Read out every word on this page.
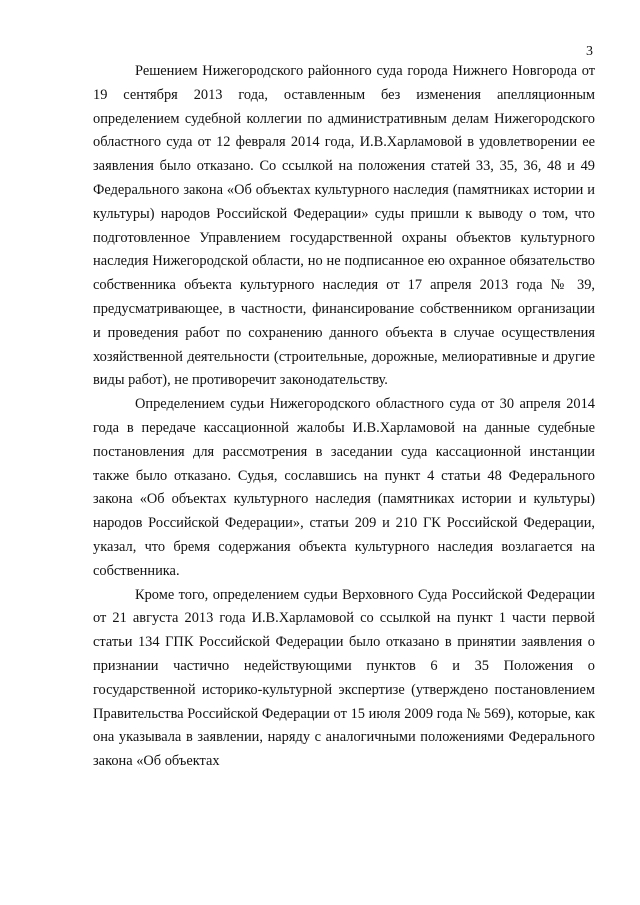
3

Решением Нижегородского районного суда города Нижнего Новгорода от 19 сентября 2013 года, оставленным без изменения апелляционным определением судебной коллегии по административным делам Нижегородского областного суда от 12 февраля 2014 года, И.В.Харламовой в удовлетворении ее заявления было отказано. Со ссылкой на положения статей 33, 35, 36, 48 и 49 Федерального закона «Об объектах культурного наследия (памятниках истории и культуры) народов Российской Федерации» суды пришли к выводу о том, что подготовленное Управлением государственной охраны объектов культурного наследия Нижегородской области, но не подписанное ею охранное обязательство собственника объекта культурного наследия от 17 апреля 2013 года № 39, предусматривающее, в частности, финансирование собственником организации и проведения работ по сохранению данного объекта в случае осуществления хозяйственной деятельности (строительные, дорожные, мелиоративные и другие виды работ), не противоречит законодательству.

Определением судьи Нижегородского областного суда от 30 апреля 2014 года в передаче кассационной жалобы И.В.Харламовой на данные судебные постановления для рассмотрения в заседании суда кассационной инстанции также было отказано. Судья, сославшись на пункт 4 статьи 48 Федерального закона «Об объектах культурного наследия (памятниках истории и культуры) народов Российской Федерации», статьи 209 и 210 ГК Российской Федерации, указал, что бремя содержания объекта культурного наследия возлагается на собственника.

Кроме того, определением судьи Верховного Суда Российской Федерации от 21 августа 2013 года И.В.Харламовой со ссылкой на пункт 1 части первой статьи 134 ГПК Российской Федерации было отказано в принятии заявления о признании частично недействующими пунктов 6 и 35 Положения о государственной историко-культурной экспертизе (утверждено постановлением Правительства Российской Федерации от 15 июля 2009 года № 569), которые, как она указывала в заявлении, наряду с аналогичными положениями Федерального закона «Об объектах
